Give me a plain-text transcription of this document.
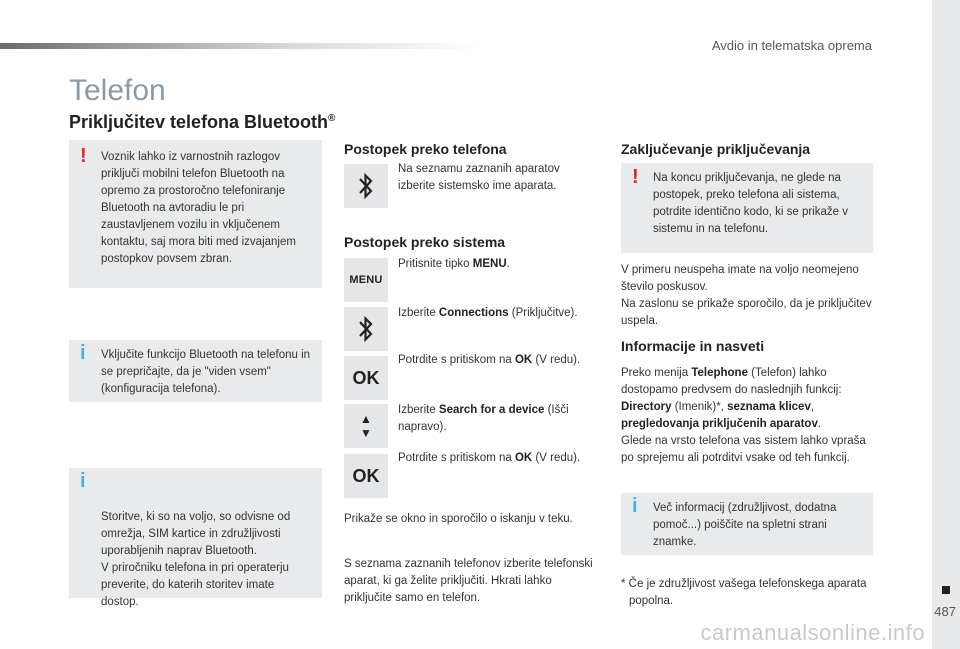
Avdio in telematska oprema
487
carmanualsonline.info
Telefon
Priključitev telefona Bluetooth®
! Voznik lahko iz varnostnih razlogov priključi mobilni telefon Bluetooth na opremo za prostoročno telefoniranje Bluetooth na avtoradiu le pri zaustavljenem vozilu in vključenem kontaktu, saj mora biti med izvajanjem postopkov povsem zbran.
i Vključite funkcijo Bluetooth na telefonu in se prepričajte, da je "viden vsem" (konfiguracija telefona).

i

Storitve, ki so na voljo, so odvisne od omrežja, SIM kartice in združljivosti uporabljenih naprav Bluetooth.
V priročniku telefona in pri operaterju preverite, do katerih storitev imate dostop.

Postopek preko telefona
Na seznamu zaznanih aparatov izberite sistemsko ime aparata.
Postopek preko sistema
MENU
Pritisnite tipko MENU.
Izberite Connections (Priključitve).
OK
Potrdite s pritiskom na OK (V redu).
▲
▼
Izberite Search for a device (Išči napravo).
OK
Potrdite s pritiskom na OK (V redu).
Prikaže se okno in sporočilo o iskanju v teku.
S seznama zaznanih telefonov izberite telefonski aparat, ki ga želite priključiti. Hkrati lahko priključite samo en telefon.
Zaključevanje priključevanja
! Na koncu priključevanja, ne glede na postopek, preko telefona ali sistema, potrdite identično kodo, ki se prikaže v sistemu in na telefonu.
V primeru neuspeha imate na voljo neomejeno število poskusov.
Na zaslonu se prikaže sporočilo, da je priključitev uspela.
Informacije in nasveti
Preko menija Telephone (Telefon) lahko dostopamo predvsem do naslednjih funkcij: Directory (Imenik)*, seznama klicev, pregledovanja priključenih aparatov.
Glede na vrsto telefona vas sistem lahko vpraša po sprejemu ali potrditvi vsake od teh funkcij.
i Več informacij (združljivost, dodatna pomoč...) poiščite na spletni strani znamke.
* Če je združljivost vašega telefonskega aparata popolna.
